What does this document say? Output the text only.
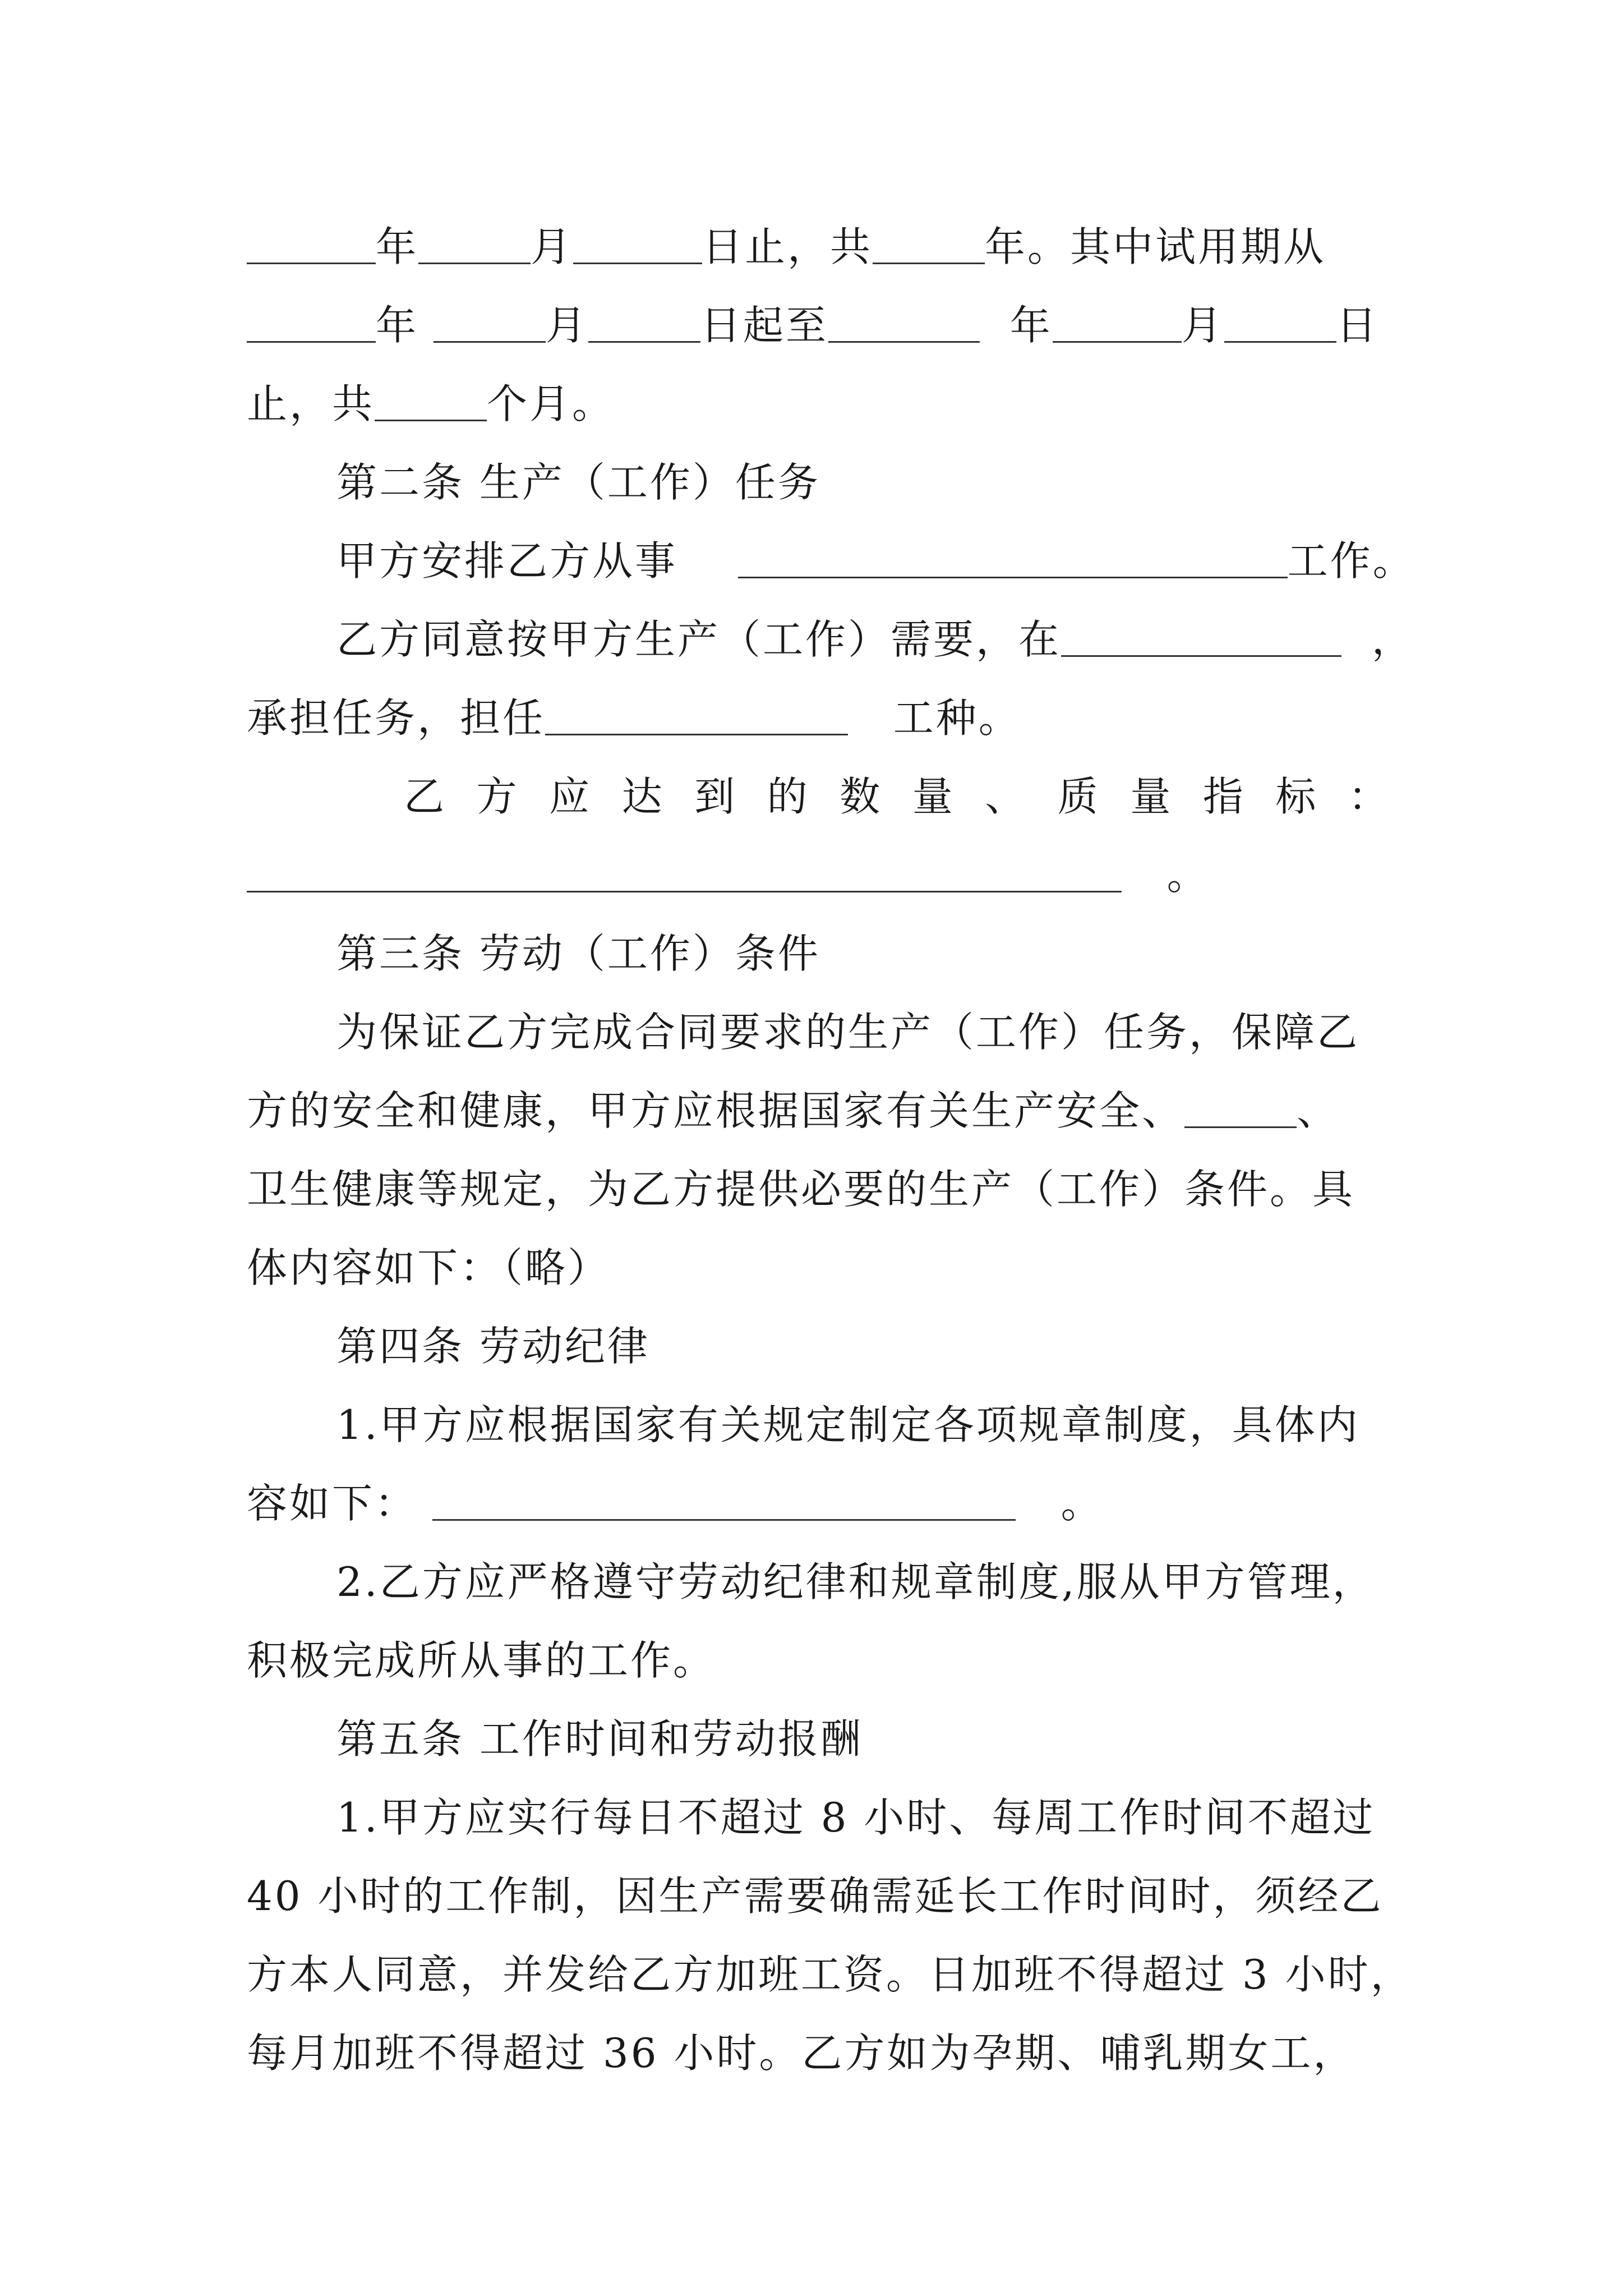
年	月	日止，共	年。其中试用期从
年	月	日起至	年	月	日
止，共	个月。
第二条 生产（工作）任务
甲方安排乙方从事	工作。
乙方同意按甲方生产（工作）需要，在	，
承担任务，担任	工种。
乙 方 应 达 到 的 数 量 、 质 量 指 标 ：
。
第三条 劳动（工作）条件
为保证乙方完成合同要求的生产（工作）任务，保障乙
方的安全和健康，甲方应根据国家有关生产安全、	、
卫生健康等规定，为乙方提供必要的生产（工作）条件。具
体内容如下：（略）
第四条 劳动纪律
1.甲方应根据国家有关规定制定各项规章制度，具体内
容如下：	。
2.乙方应严格遵守劳动纪律和规章制度,服从甲方管理，
积极完成所从事的工作。
第五条 工作时间和劳动报酬
1.甲方应实行每日不超过 8 小时、每周工作时间不超过
40 小时的工作制，因生产需要确需延长工作时间时，须经乙
方本人同意，并发给乙方加班工资。日加班不得超过 3 小时，
每月加班不得超过 36 小时。乙方如为孕期、哺乳期女工，
